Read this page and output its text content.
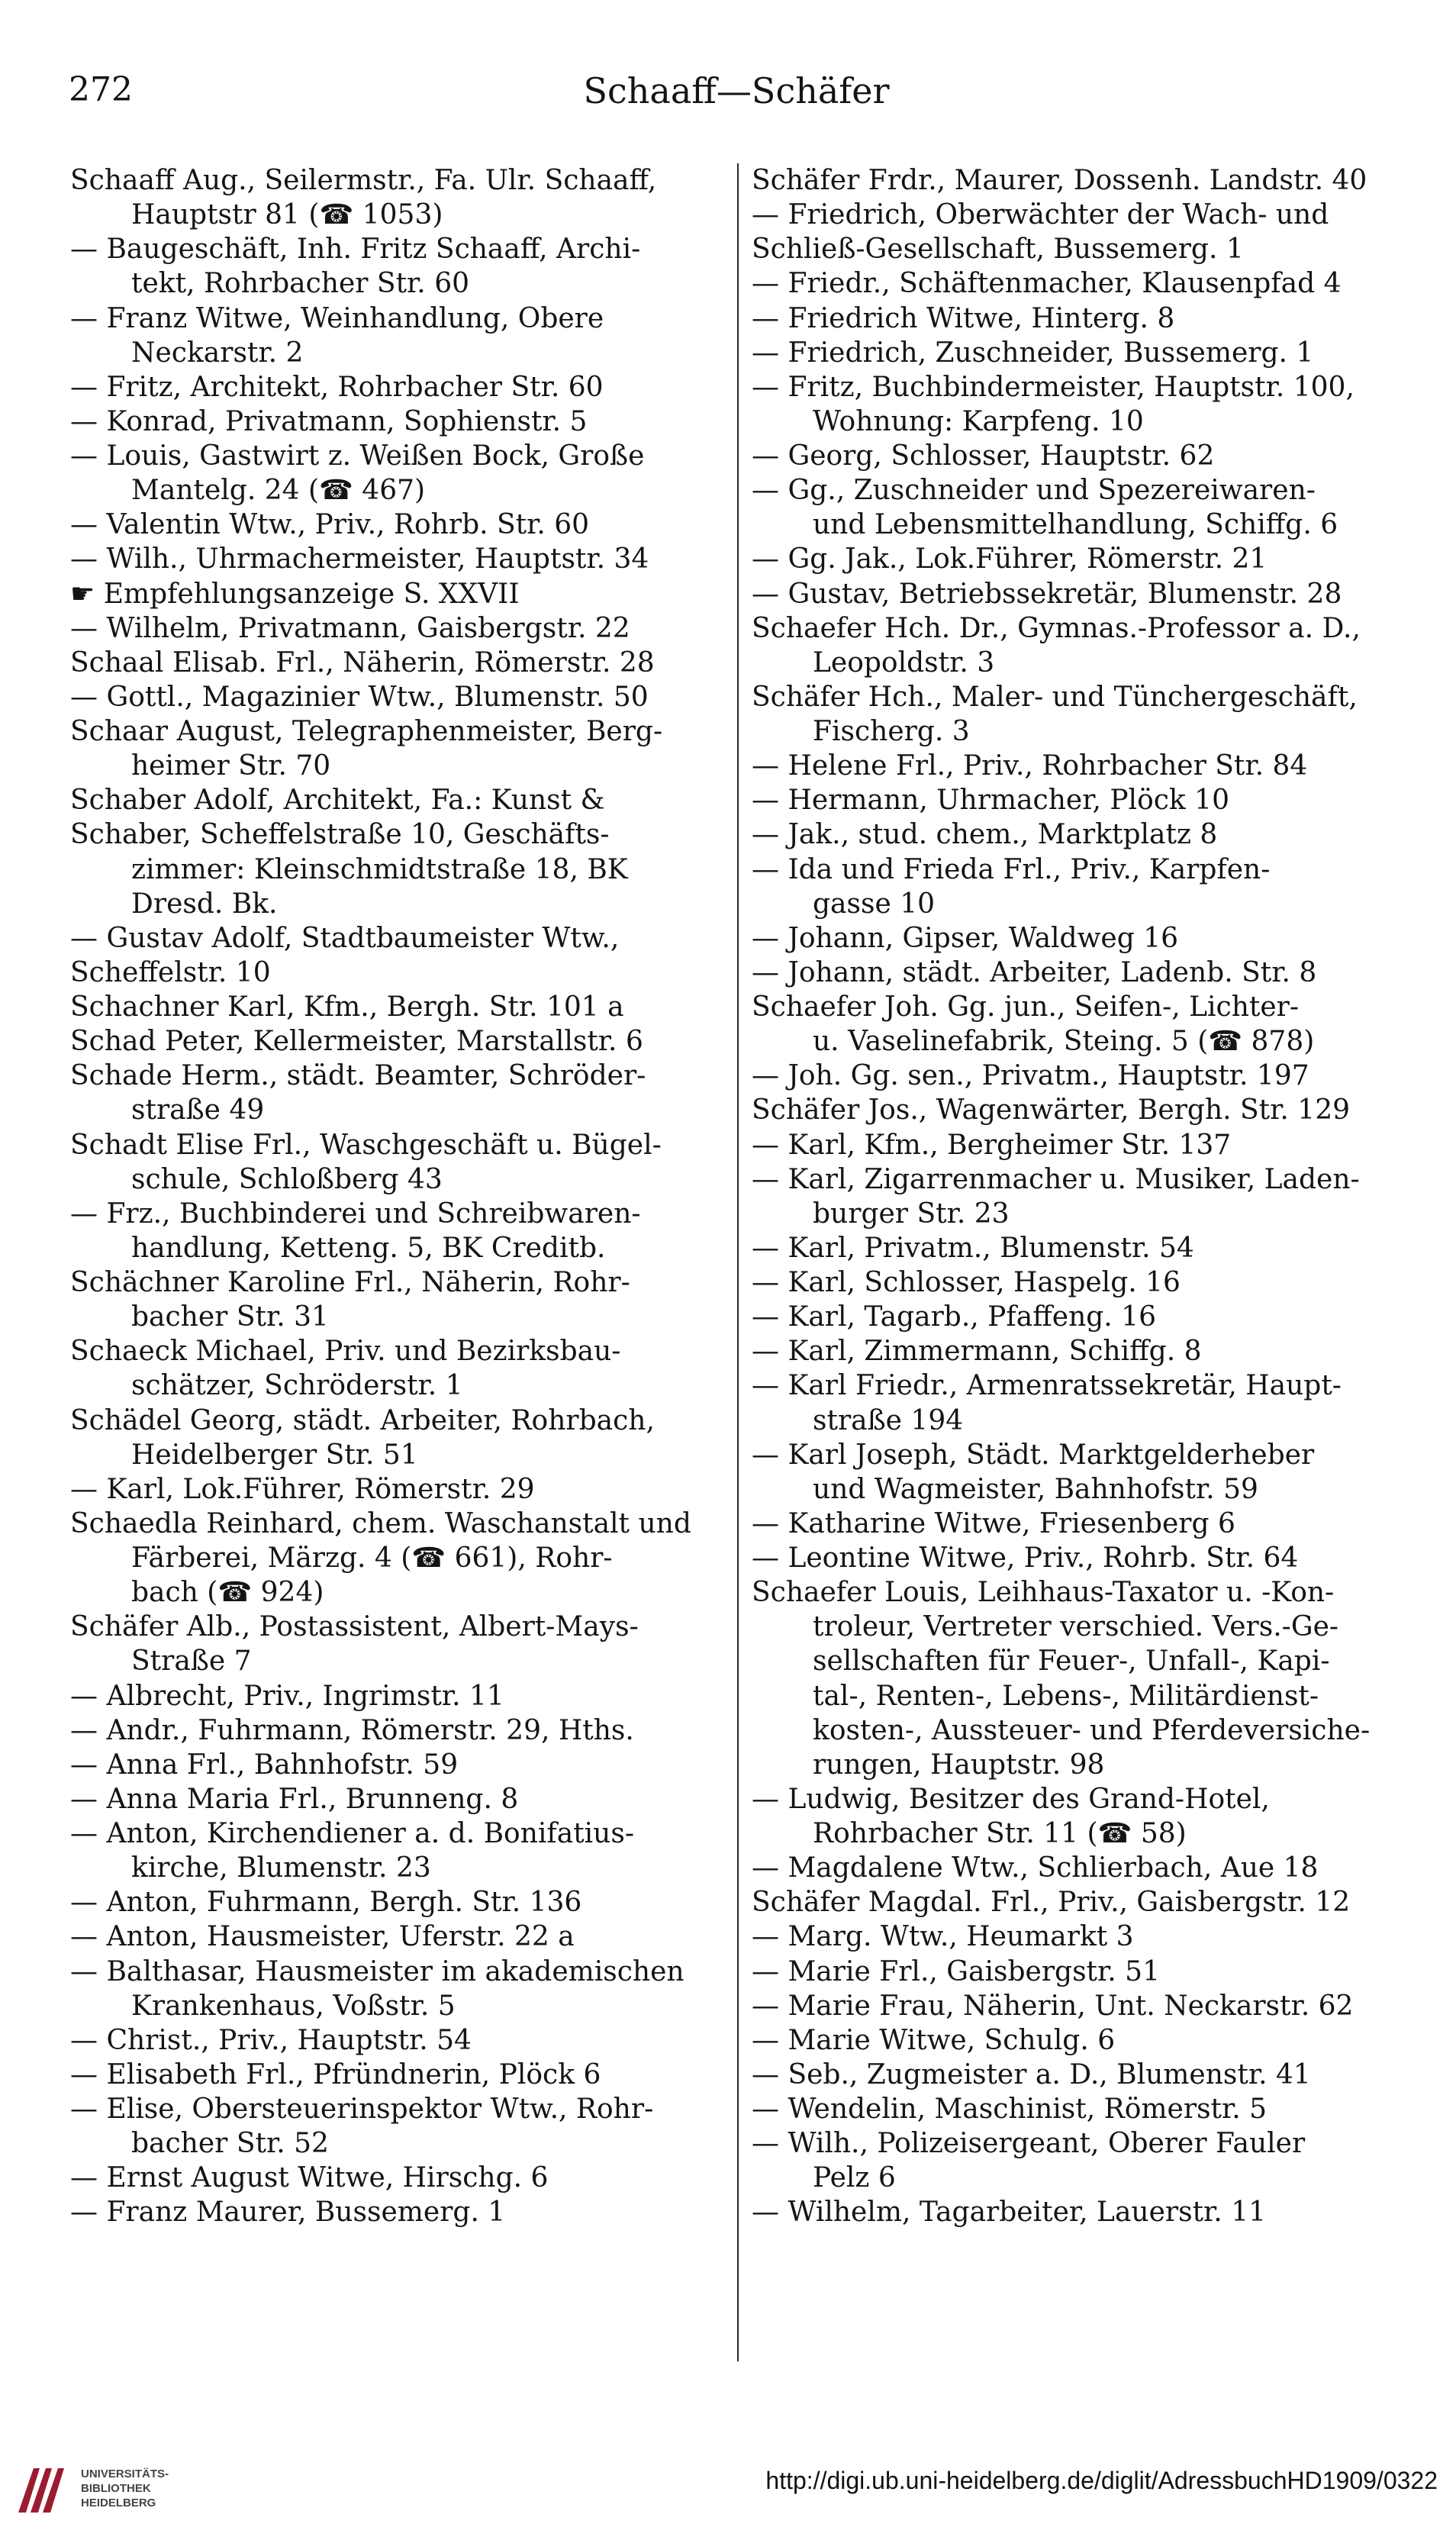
272	Schaaff—Schäfer
Schaaff Aug., Seilermstr., Fa. Ulr. Schaaff,
Hauptstr 81 (☎ 1053)
— Baugeschäft, Inh. Fritz Schaaff, Archi-
tekt, Rohrbacher Str. 60
— Franz Witwe, Weinhandlung, Obere
Neckarstr. 2
— Fritz, Architekt, Rohrbacher Str. 60
— Konrad, Privatmann, Sophienstr. 5
— Louis, Gastwirt z. Weißen Bock, Große
Mantelg. 24 (☎ 467)
— Valentin Wtw., Priv., Rohrb. Str. 60
— Wilh., Uhrmachermeister, Hauptstr. 34
☛ Empfehlungsanzeige S. XXVII
— Wilhelm, Privatmann, Gaisbergstr. 22
Schaal Elisab. Frl., Näherin, Römerstr. 28
— Gottl., Magazinier Wtw., Blumenstr. 50
Schaar August, Telegraphenmeister, Berg-
heimer Str. 70
Schaber Adolf, Architekt, Fa.: Kunst &
Schaber, Scheffelstraße 10, Geschäfts-
zimmer: Kleinschmidtstraße 18, BK
Dresd. Bk.
— Gustav Adolf, Stadtbaumeister Wtw.,
Scheffelstr. 10
Schachner Karl, Kfm., Bergh. Str. 101 a
Schad Peter, Kellermeister, Marstallstr. 6
Schade Herm., städt. Beamter, Schröder-
straße 49
Schadt Elise Frl., Waschgeschäft u. Bügel-
schule, Schloßberg 43
— Frz., Buchbinderei und Schreibwaren-
handlung, Ketteng. 5, BK Creditb.
Schächner Karoline Frl., Näherin, Rohr-
bacher Str. 31
Schaeck Michael, Priv. und Bezirksbau-
schätzer, Schröderstr. 1
Schädel Georg, städt. Arbeiter, Rohrbach,
Heidelberger Str. 51
— Karl, Lok.Führer, Römerstr. 29
Schaedla Reinhard, chem. Waschanstalt und
Färberei, Märzg. 4 (☎ 661), Rohr-
bach (☎ 924)
Schäfer Alb., Postassistent, Albert-Mays-
Straße 7
— Albrecht, Priv., Ingrimstr. 11
— Andr., Fuhrmann, Römerstr. 29, Hths.
— Anna Frl., Bahnhofstr. 59
— Anna Maria Frl., Brunneng. 8
— Anton, Kirchendiener a. d. Bonifatius-
kirche, Blumenstr. 23
— Anton, Fuhrmann, Bergh. Str. 136
— Anton, Hausmeister, Uferstr. 22 a
— Balthasar, Hausmeister im akademischen
Krankenhaus, Voßstr. 5
— Christ., Priv., Hauptstr. 54
— Elisabeth Frl., Pfründnerin, Plöck 6
— Elise, Obersteuerinspektor Wtw., Rohr-
bacher Str. 52
— Ernst August Witwe, Hirschg. 6
— Franz Maurer, Bussemerg. 1
Schäfer Frdr., Maurer, Dossenh. Landstr. 40
— Friedrich, Oberwächter der Wach- und
Schließ-Gesellschaft, Bussemerg. 1
— Friedr., Schäftenmacher, Klausenpfad 4
— Friedrich Witwe, Hinterg. 8
— Friedrich, Zuschneider, Bussemerg. 1
— Fritz, Buchbindermeister, Hauptstr. 100,
Wohnung: Karpfeng. 10
— Georg, Schlosser, Hauptstr. 62
— Gg., Zuschneider und Spezereiwaren-
und Lebensmittelhandlung, Schiffg. 6
— Gg. Jak., Lok.Führer, Römerstr. 21
— Gustav, Betriebssekretär, Blumenstr. 28
Schaefer Hch. Dr., Gymnas.-Professor a. D.,
Leopoldstr. 3
Schäfer Hch., Maler- und Tünchergeschäft,
Fischerg. 3
— Helene Frl., Priv., Rohrbacher Str. 84
— Hermann, Uhrmacher, Plöck 10
— Jak., stud. chem., Marktplatz 8
— Ida und Frieda Frl., Priv., Karpfen-
gasse 10
— Johann, Gipser, Waldweg 16
— Johann, städt. Arbeiter, Ladenb. Str. 8
Schaefer Joh. Gg. jun., Seifen-, Lichter-
u. Vaselinefabrik, Steing. 5 (☎ 878)
— Joh. Gg. sen., Privatm., Hauptstr. 197
Schäfer Jos., Wagenwärter, Bergh. Str. 129
— Karl, Kfm., Bergheimer Str. 137
— Karl, Zigarrenmacher u. Musiker, Laden-
burger Str. 23
— Karl, Privatm., Blumenstr. 54
— Karl, Schlosser, Haspelg. 16
— Karl, Tagarb., Pfaffeng. 16
— Karl, Zimmermann, Schiffg. 8
— Karl Friedr., Armenratssekretär, Haupt-
straße 194
— Karl Joseph, Städt. Marktgelderheber
und Wagmeister, Bahnhofstr. 59
— Katharine Witwe, Friesenberg 6
— Leontine Witwe, Priv., Rohrb. Str. 64
Schaefer Louis, Leihhaus-Taxator u. -Kon-
troleur, Vertreter verschied. Vers.-Ge-
sellschaften für Feuer-, Unfall-, Kapi-
tal-, Renten-, Lebens-, Militärdienst-
kosten-, Aussteuer- und Pferdeversiche-
rungen, Hauptstr. 98
— Ludwig, Besitzer des Grand-Hotel,
Rohrbacher Str. 11 (☎ 58)
— Magdalene Wtw., Schlierbach, Aue 18
Schäfer Magdal. Frl., Priv., Gaisbergstr. 12
— Marg. Wtw., Heumarkt 3
— Marie Frl., Gaisbergstr. 51
— Marie Frau, Näherin, Unt. Neckarstr. 62
— Marie Witwe, Schulg. 6
— Seb., Zugmeister a. D., Blumenstr. 41
— Wendelin, Maschinist, Römerstr. 5
— Wilh., Polizeisergeant, Oberer Fauler
Pelz 6
— Wilhelm, Tagarbeiter, Lauerstr. 11
UNIVERSITÄTS-
BIBLIOTHEK
HEIDELBERG
http://digi.ub.uni-heidelberg.de/diglit/AdressbuchHD1909/0322
